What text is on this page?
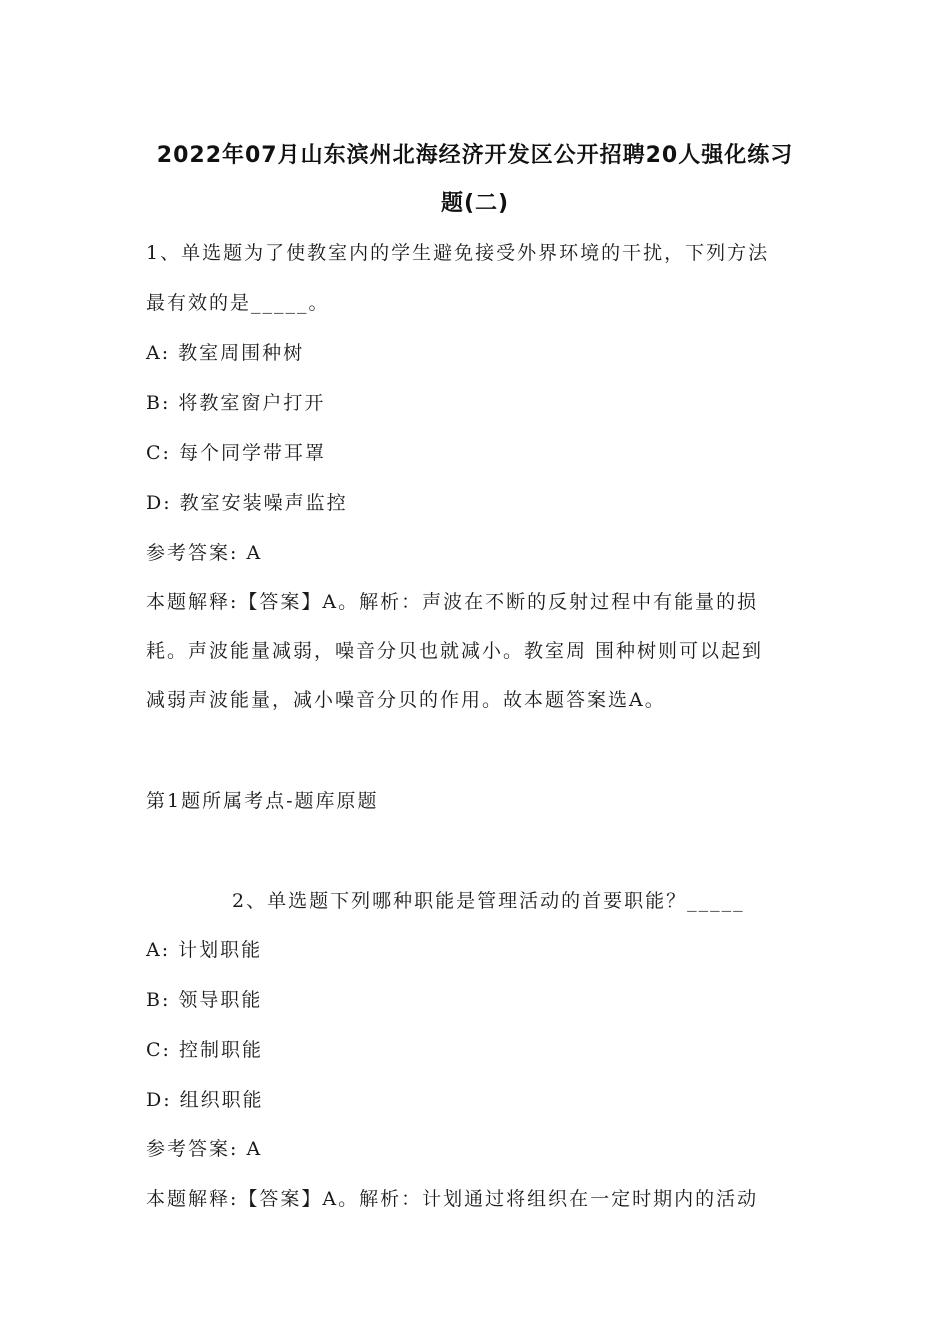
2022年07月山东滨州北海经济开发区公开招聘20人强化练习
题(二)
1、单选题为了使教室内的学生避免接受外界环境的干扰，下列方法
最有效的是_____。
A: 教室周围种树
B: 将教室窗户打开
C: 每个同学带耳罩
D: 教室安装噪声监控
参考答案: A
本题解释:【答案】A。解析：声波在不断的反射过程中有能量的损
耗。声波能量减弱，噪音分贝也就减小。教室周 围种树则可以起到
减弱声波能量，减小噪音分贝的作用。故本题答案选A。
第1题所属考点-题库原题
2、单选题下列哪种职能是管理活动的首要职能？_____
A: 计划职能
B: 领导职能
C: 控制职能
D: 组织职能
参考答案: A
本题解释:【答案】A。解析：计划通过将组织在一定时期内的活动
